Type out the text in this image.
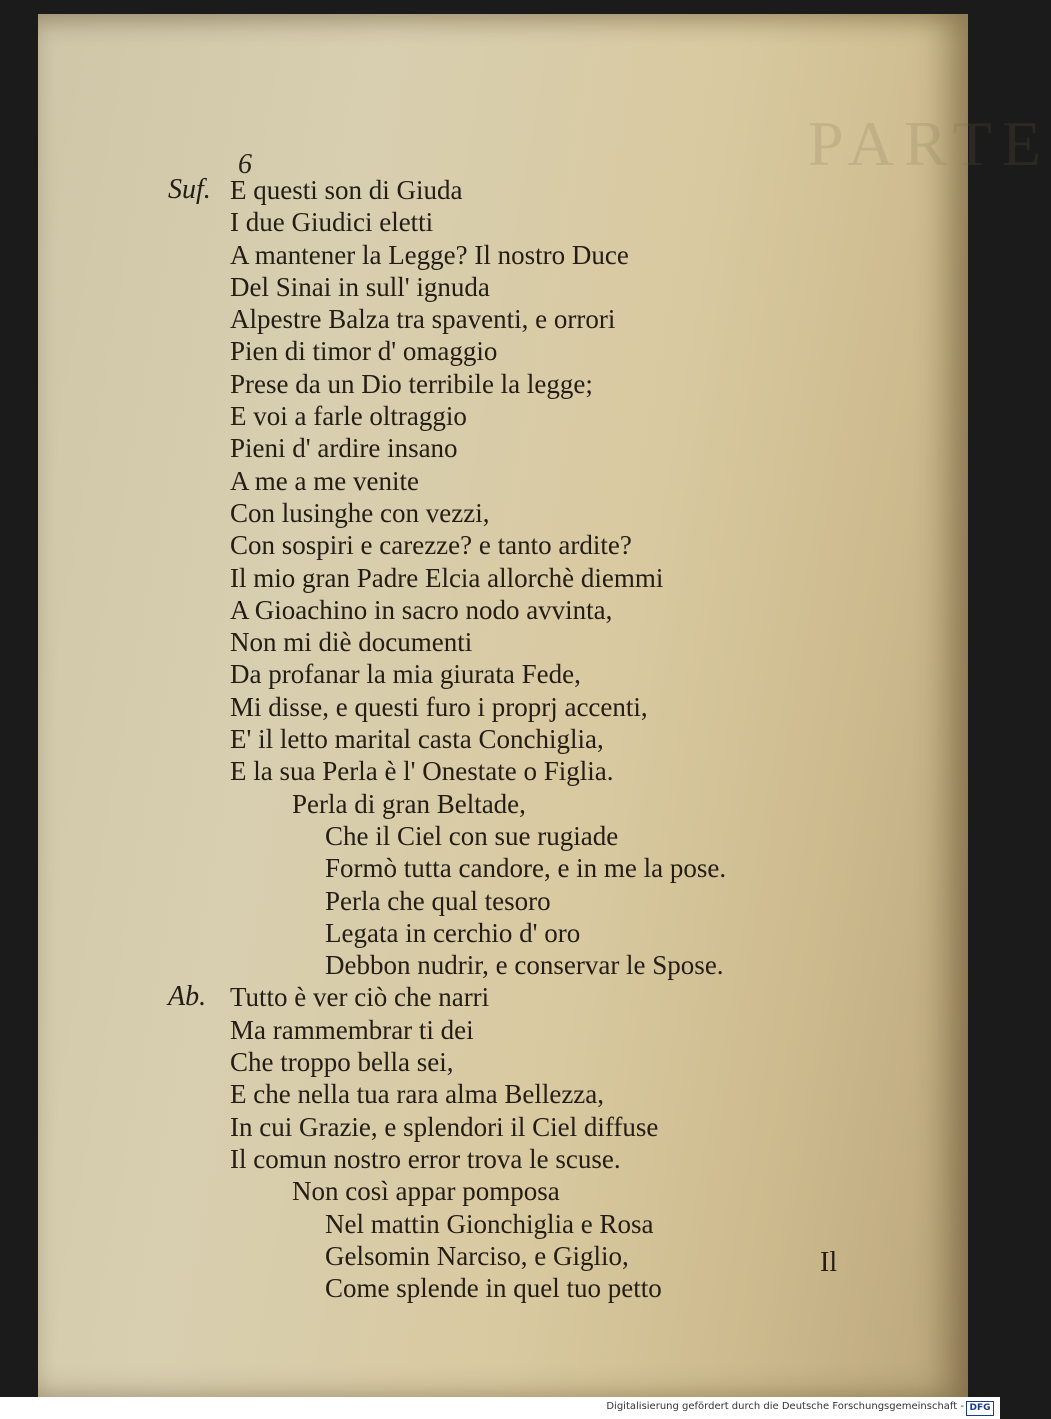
PARTE
6
Suf. E questi son di Giuda
I due Giudici eletti
A mantener la Legge? Il nostro Duce
Del Sinai in sull' ignuda
Alpestre Balza tra spaventi, e orrori
Pien di timor d' omaggio
Prese da un Dio terribile la legge;
E voi a farle oltraggio
Pieni d' ardire insano
A me a me venite
Con lusinghe con vezzi,
Con sospiri e carezze? e tanto ardite?
Il mio gran Padre Elcia allorchè diemmi
A Gioachino in sacro nodo avvinta,
Non mi diè documenti
Da profanar la mia giurata Fede,
Mi disse, e questi furo i proprj accenti,
E' il letto marital casta Conchiglia,
E la sua Perla è l' Onestate o Figlia.
Perla di gran Beltade,
Che il Ciel con sue rugiade
Formò tutta candore, e in me la pose.
Perla che qual tesoro
Legata in cerchio d' oro
Debbon nudrir, e conservar le Spose.
Ab. Tutto è ver ciò che narri
Ma rammembrar ti dei
Che troppo bella sei,
E che nella tua rara alma Bellezza,
In cui Grazie, e splendori il Ciel diffuse
Il comun nostro error trova le scuse.
Non così appar pomposa
Nel mattin Gionchiglia e Rosa
Gelsomin Narciso, e Giglio,
Come splende in quel tuo petto
Il
Digitalisierung gefördert durch die Deutsche Forschungsgemeinschaft - DFG
